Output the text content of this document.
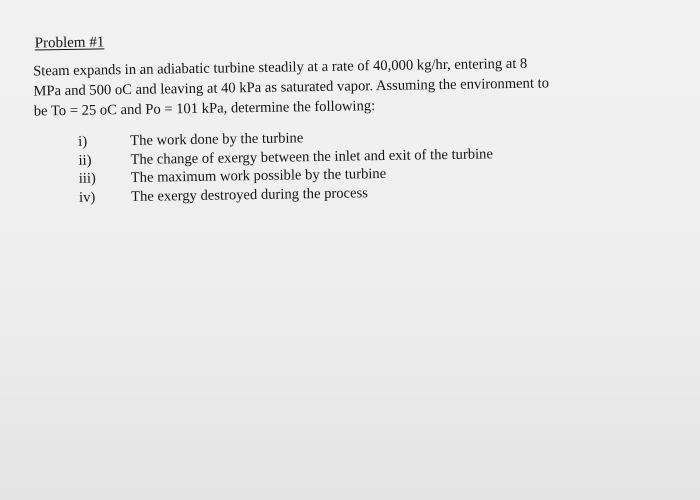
Problem #1
Steam expands in an adiabatic turbine steadily at a rate of 40,000 kg/hr, entering at 8
MPa and 500 oC and leaving at 40 kPa as saturated vapor. Assuming the environment to
be To = 25 oC and Po = 101 kPa, determine the following:
i)	The work done by the turbine
ii)	The change of exergy between the inlet and exit of the turbine
iii)	The maximum work possible by the turbine
iv)	The exergy destroyed during the process
